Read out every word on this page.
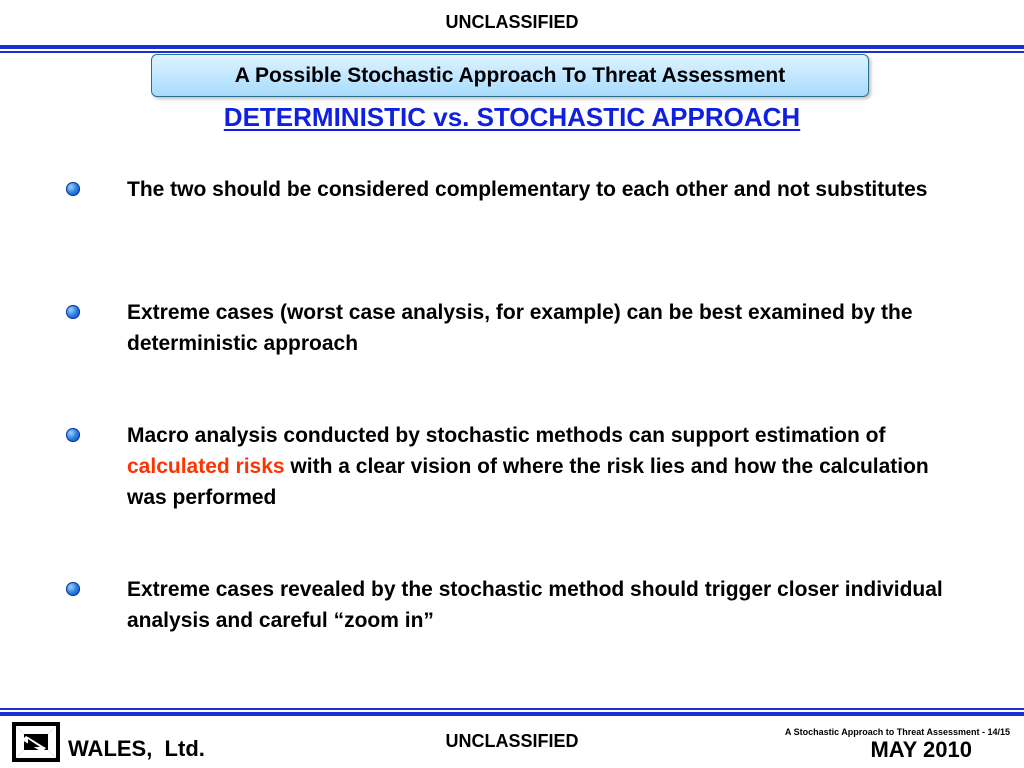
UNCLASSIFIED
A Possible Stochastic Approach To Threat Assessment
DETERMINISTIC vs. STOCHASTIC APPROACH
The two should be considered complementary to each other and not substitutes
Extreme cases (worst case analysis, for example) can be best examined by the deterministic approach
Macro analysis conducted by stochastic methods can support estimation of calculated risks with a clear vision of where the risk lies and how the calculation was performed
Extreme cases revealed by the stochastic method should trigger closer individual analysis and careful “zoom in”
WALES,  Ltd.	UNCLASSIFIED	A Stochastic Approach to Threat Assessment - 14/15
MAY 2010
